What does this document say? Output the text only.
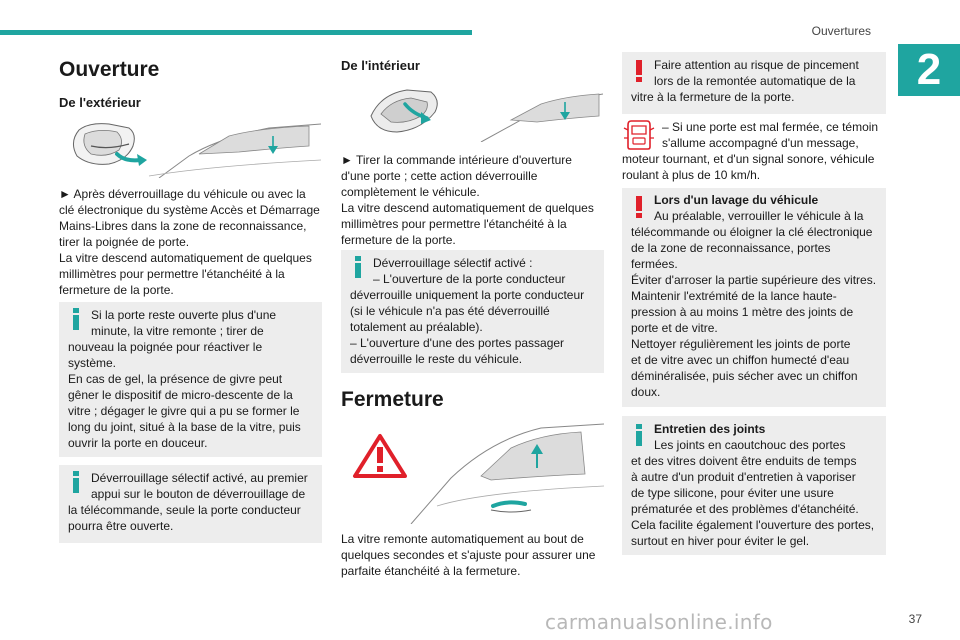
Ouvertures
2
Ouverture
De l'extérieur

► Après déverrouillage du véhicule ou avec la

clé électronique du système Accès et Démarrage

Mains-Libres dans la zone de reconnaissance,

tirer la poignée de porte.

La vitre descend automatiquement de quelques

millimètres pour permettre l'étanchéité à la

fermeture de la porte.

Si la porte reste ouverte plus d'une

minute, la vitre remonte ; tirer de

nouveau la poignée pour réactiver le

système.

En cas de gel, la présence de givre peut

gêner le dispositif de micro-descente de la

vitre ; dégager le givre qui a pu se former le

long du joint, situé à la base de la vitre, puis

ouvrir la porte en douceur.

Déverrouillage sélectif activé, au premier

appui sur le bouton de déverrouillage de

la télécommande, seule la porte conducteur

pourra être ouverte.

De l'intérieur

► Tirer la commande intérieure d'ouverture

d'une porte ; cette action déverrouille

complètement le véhicule.

La vitre descend automatiquement de quelques

millimètres pour permettre l'étanchéité à la

fermeture de la porte.

Déverrouillage sélectif activé :

– L'ouverture de la porte conducteur

déverrouille uniquement la porte conducteur

(si le véhicule n'a pas été déverrouillé

totalement au préalable).

– L'ouverture d'une des portes passager

déverrouille le reste du véhicule.

Fermeture

La vitre remonte automatiquement au bout de

quelques secondes et s'ajuste pour assurer une

parfaite étanchéité à la fermeture.

Faire attention au risque de pincement

lors de la remontée automatique de la

vitre à la fermeture de la porte.

– Si une porte est mal fermée, ce témoin

s'allume accompagné d'un message,

moteur tournant, et d'un signal sonore, véhicule

roulant à plus de 10 km/h.

Lors d'un lavage du véhicule

Au préalable, verrouiller le véhicule à la

télécommande ou éloigner la clé électronique

de la zone de reconnaissance, portes

fermées.

Éviter d'arroser la partie supérieure des vitres.

Maintenir l'extrémité de la lance haute-

pression à au moins 1 mètre des joints de

porte et de vitre.

Nettoyer régulièrement les joints de porte

et de vitre avec un chiffon humecté d'eau

déminéralisée, puis sécher avec un chiffon

doux.

Entretien des joints

Les joints en caoutchouc des portes

et des vitres doivent être enduits de temps

à autre d'un produit d'entretien à vaporiser

de type silicone, pour éviter une usure

prématurée et des problèmes d'étanchéité.

Cela facilite également l'ouverture des portes,

surtout en hiver pour éviter le gel.

carmanualsonline.info	37
